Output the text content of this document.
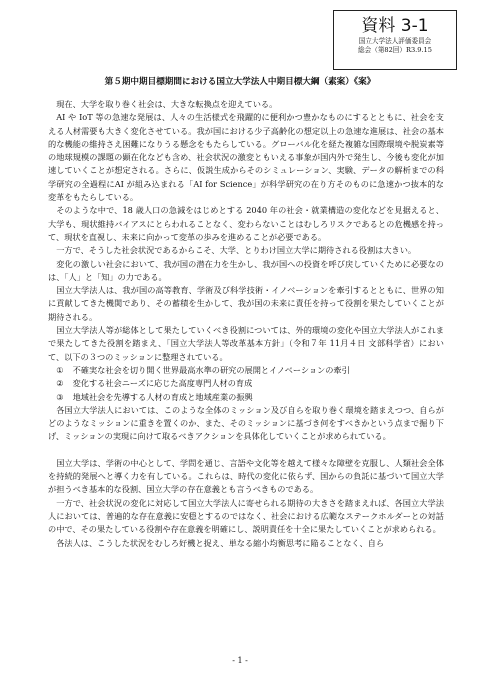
資料 3-1
国立大学法人評価委員会
総会（第82回）R3.9.15
第５期中期目標期間における国立大学法人中期目標大綱（素案）《案》

現在、大学を取り巻く社会は、大きな転換点を迎えている。

AI や IoT 等の急速な発展は、人々の生活様式を飛躍的に便利かつ豊かなものにするとともに、社会を支える人材需要も大きく変化させている。我が国における少子高齢化の想定以上の急速な進展は、社会の基本的な機能の維持さえ困難になりうる懸念をもたらしている。グローバル化を経た複雑な国際環境や脱炭素等の地球規模の課題の顕在化なども含め、社会状況の激変ともいえる事象が国内外で発生し、今後も変化が加速していくことが想定される。さらに、仮説生成からそのシミュレーション、実験、データの解析までの科学研究の全過程にAI が組み込まれる「AI for Science」が科学研究の在り方そのものに急速かつ抜本的な変革をもたらしている。

そのような中で、18 歳人口の急減をはじめとする 2040 年の社会・就業構造の変化などを見据えると、大学も、現状維持バイアスにとらわれることなく、変わらないことはむしろリスクであるとの危機感を持って、現状を直視し、未来に向かって変革の歩みを進めることが必要である。

一方で、そうした社会状況であるからこそ、大学、とりわけ国立大学に期待される役割は大きい。

変化の激しい社会において、我が国の潜在力を生かし、我が国への投資を呼び戻していくために必要なのは、「人」と「知」の力である。

国立大学法人は、我が国の高等教育、学術及び科学技術・イノベーションを牽引するとともに、世界の知に貢献してきた機関であり、その蓄積を生かして、我が国の未来に責任を持って役割を果たしていくことが期待される。

国立大学法人等が総体として果たしていくべき役割については、外的環境の変化や国立大学法人がこれまで果たしてきた役割を踏まえ、「国立大学法人等改革基本方針」（令和７年 11月４日 文部科学省）において、以下の３つのミッションに整理されている。

①	不確実な社会を切り開く世界最高水準の研究の展開とイノベーションの牽引
②	変化する社会ニーズに応じた高度専門人材の育成
③	地域社会を先導する人材の育成と地域産業の振興

各国立大学法人においては、このような全体のミッション及び自らを取り巻く環境を踏まえつつ、自らがどのようなミッションに重きを置くのか、また、そのミッションに基づき何をすべきかという点まで掘り下げ、ミッションの実現に向けて取るべきアクションを具体化していくことが求められている。

国立大学は、学術の中心として、学問を通じ、言語や文化等を越えて様々な障壁を克服し、人類社会全体を持続的発展へと導く力を有している。これらは、時代の変化に依らず、国からの負託に基づいて国立大学が担うべき基本的な役割、国立大学の存在意義とも言うべきものである。

一方で、社会状況の変化に対応して国立大学法人に寄せられる期待の大きさを踏まえれば、各国立大学法人においては、普遍的な存在意義に安穏とするのではなく、社会における広範なステークホルダーとの対話の中で、その果たしている役割や存在意義を明確にし、説明責任を十全に果たしていくことが求められる。

各法人は、こうした状況をむしろ好機と捉え、単なる縮小均衡思考に陥ることなく、自ら

- 1 -
